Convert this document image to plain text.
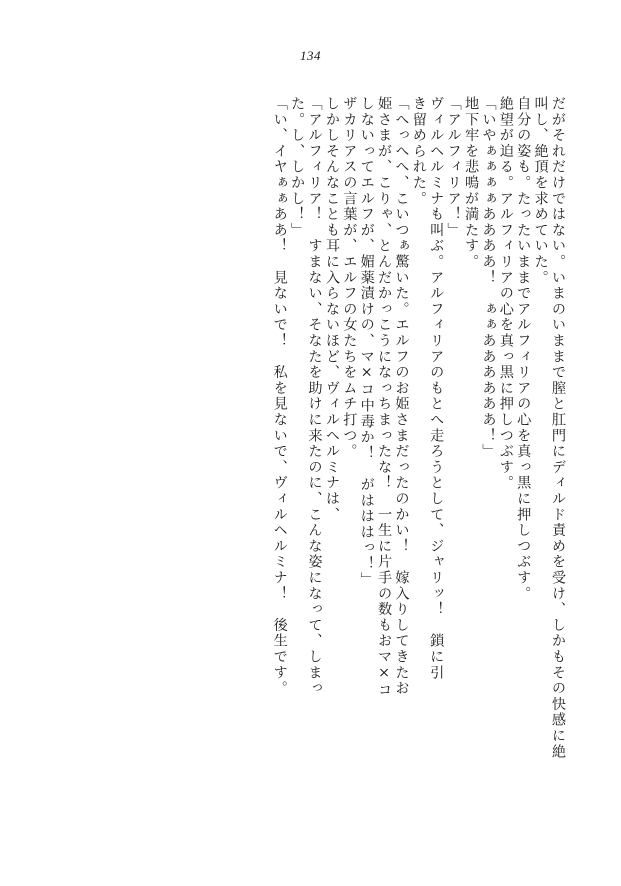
134
だがそれだけではない。いまのいままで膣と肛門にディルド責めを受け、しかもその快感に絶
叫し、絶頂を求めていた。
自分の姿も。たったいままでアルフィリアの心を真っ黒に押しつぶす。
絶望が迫る。アルフィリアの心を真っ黒に押しつぶす。
「いやぁぁぁぁああああ！　ぁぁああああああ！」
地下牢を悲鳴が満たす。
「アルフィリア！」
ヴィルヘルミナも叫ぶ。アルフィリアのもとへ走ろうとして、ジャリッ！　鎖に引
き留められた。
「へっへへ、こいつぁ驚いた。エルフのお姫さまだったのかい！　嫁入りしてきたお
姫さまが、こりゃ、とんだかっこうになっちまったな！　一生に片手の数もおマ×コ
しないってエルフが、媚薬漬けの、マ×コ中毒か！　がはははっ！」
ザカリアスの言葉が、エルフの女たちをムチ打つ。
しかしそんなことも耳に入らないほど、ヴィルヘルミナは、
「アルフィリア！　すまない、そなたを助けに来たのに、こんな姿になって、しまっ
た。し、しかし！」
「い、イヤぁぁああ！　見ないで！　私を見ないで、ヴィルヘルミナ！　後生です。
